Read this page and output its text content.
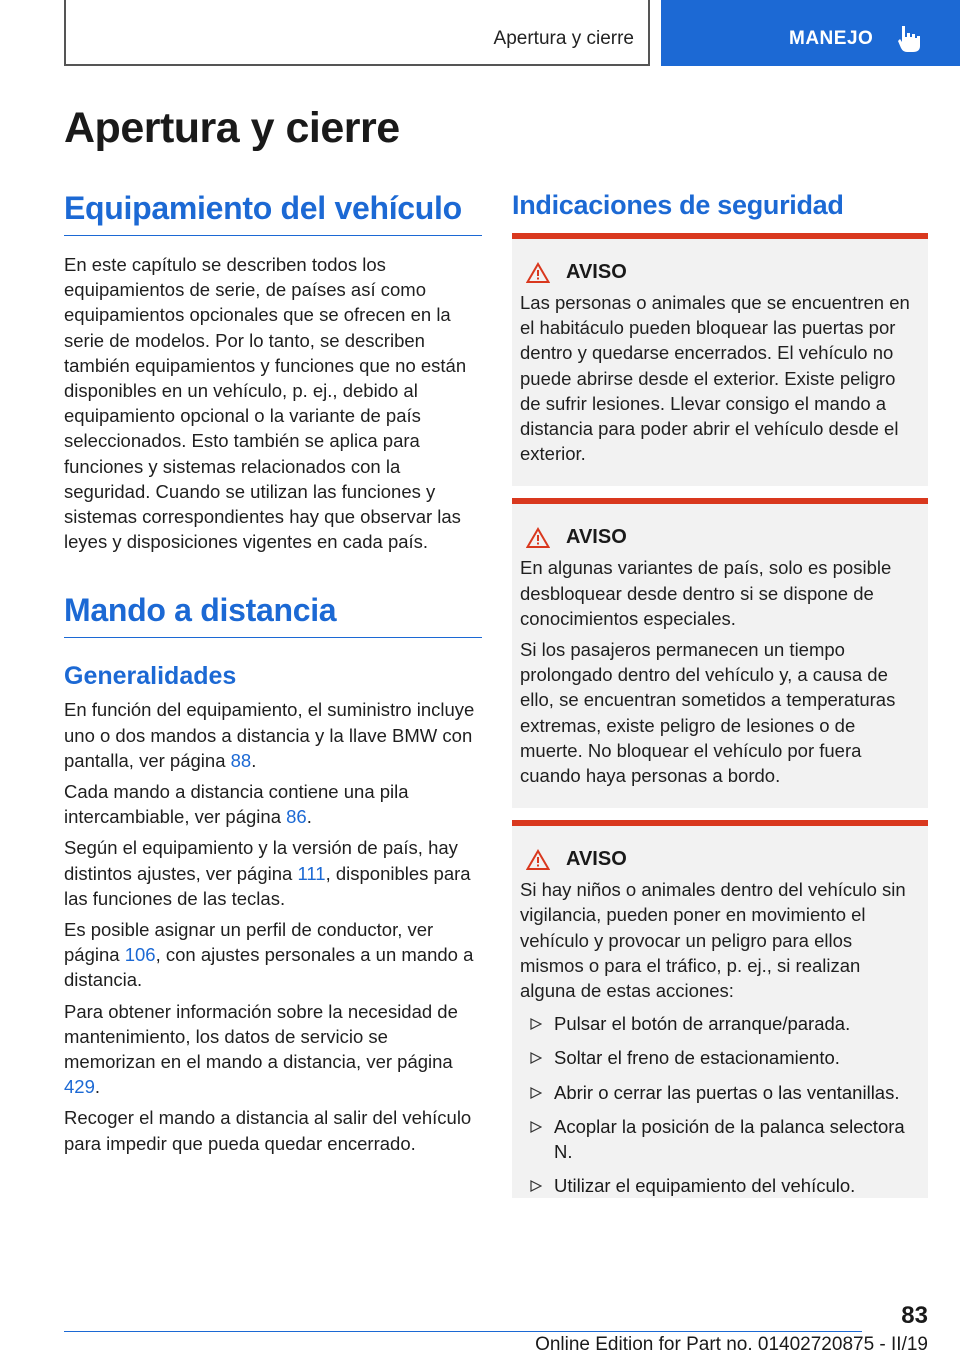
Apertura y cierre	MANEJO
Apertura y cierre
Equipamiento del vehículo

En este capítulo se describen todos los equipamientos de serie, de países así como equipamientos opcionales que se ofrecen en la serie de modelos. Por lo tanto, se describen también equipamientos y funciones que no están disponibles en un vehículo, p. ej., debido al equipamiento opcional o la variante de país seleccionados. Esto también se aplica para funciones y sistemas relacionados con la seguridad. Cuando se utilizan las funciones y sistemas correspondientes hay que observar las leyes y disposiciones vigentes en cada país.

Mando a distancia
Generalidades

En función del equipamiento, el suministro incluye uno o dos mandos a distancia y la llave BMW con pantalla, ver página 88.

Cada mando a distancia contiene una pila intercambiable, ver página 86.

Según el equipamiento y la versión de país, hay distintos ajustes, ver página 111, disponibles para las funciones de las teclas.

Es posible asignar un perfil de conductor, ver página 106, con ajustes personales a un mando a distancia.

Para obtener información sobre la necesidad de mantenimiento, los datos de servicio se memorizan en el mando a distancia, ver página 429.

Recoger el mando a distancia al salir del vehículo para impedir que pueda quedar encerrado.

Indicaciones de seguridad
AVISO

Las personas o animales que se encuentren en el habitáculo pueden bloquear las puertas por dentro y quedarse encerrados. El vehículo no puede abrirse desde el exterior. Existe peligro de sufrir lesiones. Llevar consigo el mando a distancia para poder abrir el vehículo desde el exterior.

AVISO

En algunas variantes de país, solo es posible desbloquear desde dentro si se dispone de conocimientos especiales.

Si los pasajeros permanecen un tiempo prolongado dentro del vehículo y, a causa de ello, se encuentran sometidos a temperaturas extremas, existe peligro de lesiones o de muerte. No bloquear el vehículo por fuera cuando haya personas a bordo.

AVISO

Si hay niños o animales dentro del vehículo sin vigilancia, pueden poner en movimiento el vehículo y provocar un peligro para ellos mismos o para el tráfico, p. ej., si realizan alguna de estas acciones:

Pulsar el botón de arranque/parada.
Soltar el freno de estacionamiento.
Abrir o cerrar las puertas o las ventanillas.
Acoplar la posición de la palanca selectora N.
Utilizar el equipamiento del vehículo.
83
Online Edition for Part no. 01402720875 - II/19
